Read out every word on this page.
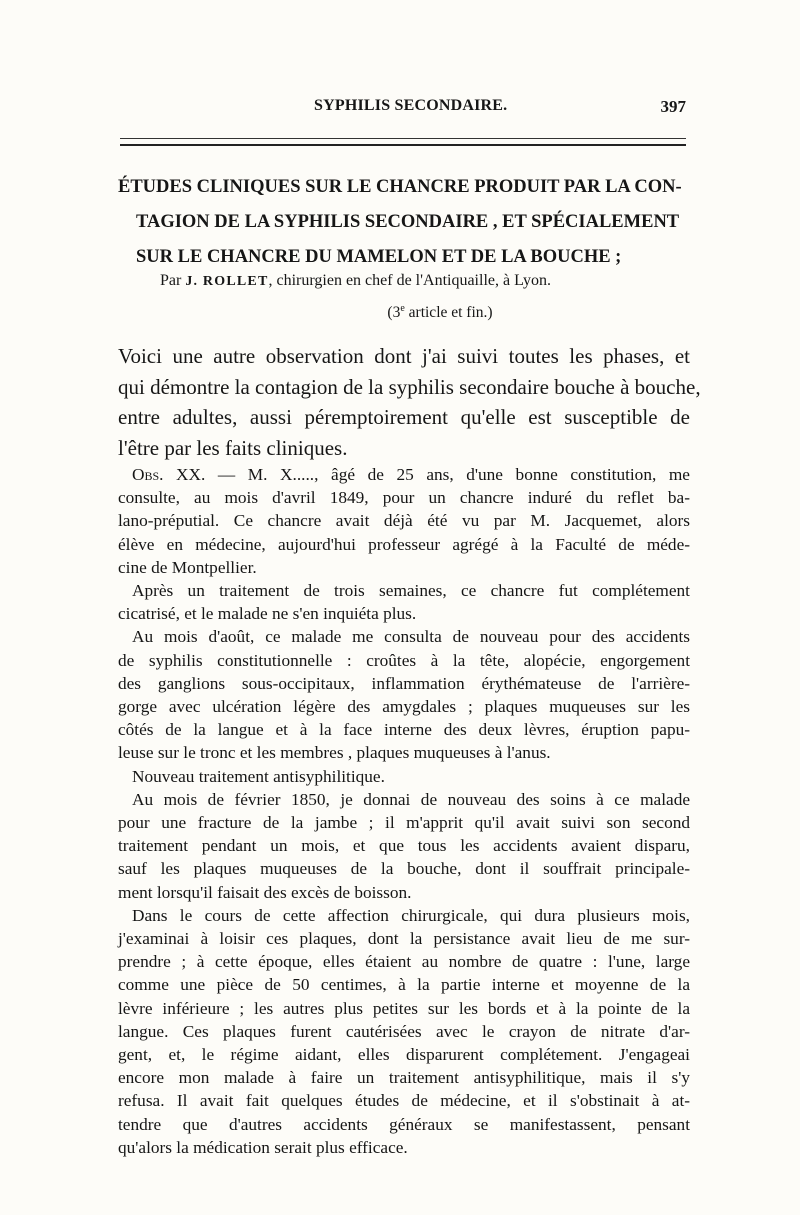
SYPHILIS SECONDAIRE.	397
ÉTUDES CLINIQUES SUR LE CHANCRE PRODUIT PAR LA CON-
TAGION DE LA SYPHILIS SECONDAIRE , ET SPÉCIALEMENT
SUR LE CHANCRE DU MAMELON ET DE LA BOUCHE ;
Par J. ROLLET, chirurgien en chef de l'Antiquaille, à Lyon.
(3e article et fin.)
Voici une autre observation dont j'ai suivi toutes les phases, et
qui démontre la contagion de la syphilis secondaire bouche à bouche,
entre adultes, aussi péremptoirement qu'elle est susceptible de
l'être par les faits cliniques.
Obs. XX. — M. X....., âgé de 25 ans, d'une bonne constitution, me
consulte, au mois d'avril 1849, pour un chancre induré du reflet ba-
lano-préputial. Ce chancre avait déjà été vu par M. Jacquemet, alors
élève en médecine, aujourd'hui professeur agrégé à la Faculté de méde-
cine de Montpellier.
Après un traitement de trois semaines, ce chancre fut complétement
cicatrisé, et le malade ne s'en inquiéta plus.
Au mois d'août, ce malade me consulta de nouveau pour des accidents
de syphilis constitutionnelle : croûtes à la tête, alopécie, engorgement
des ganglions sous-occipitaux, inflammation érythémateuse de l'arrière-
gorge avec ulcération légère des amygdales ; plaques muqueuses sur les
côtés de la langue et à la face interne des deux lèvres, éruption papu-
leuse sur le tronc et les membres , plaques muqueuses à l'anus.
Nouveau traitement antisyphilitique.
Au mois de février 1850, je donnai de nouveau des soins à ce malade
pour une fracture de la jambe ; il m'apprit qu'il avait suivi son second
traitement pendant un mois, et que tous les accidents avaient disparu,
sauf les plaques muqueuses de la bouche, dont il souffrait principale-
ment lorsqu'il faisait des excès de boisson.
Dans le cours de cette affection chirurgicale, qui dura plusieurs mois,
j'examinai à loisir ces plaques, dont la persistance avait lieu de me sur-
prendre ; à cette époque, elles étaient au nombre de quatre : l'une, large
comme une pièce de 50 centimes, à la partie interne et moyenne de la
lèvre inférieure ; les autres plus petites sur les bords et à la pointe de la
langue. Ces plaques furent cautérisées avec le crayon de nitrate d'ar-
gent, et, le régime aidant, elles disparurent complétement. J'engageai
encore mon malade à faire un traitement antisyphilitique, mais il s'y
refusa. Il avait fait quelques études de médecine, et il s'obstinait à at-
tendre que d'autres accidents généraux se manifestassent, pensant
qu'alors la médication serait plus efficace.
